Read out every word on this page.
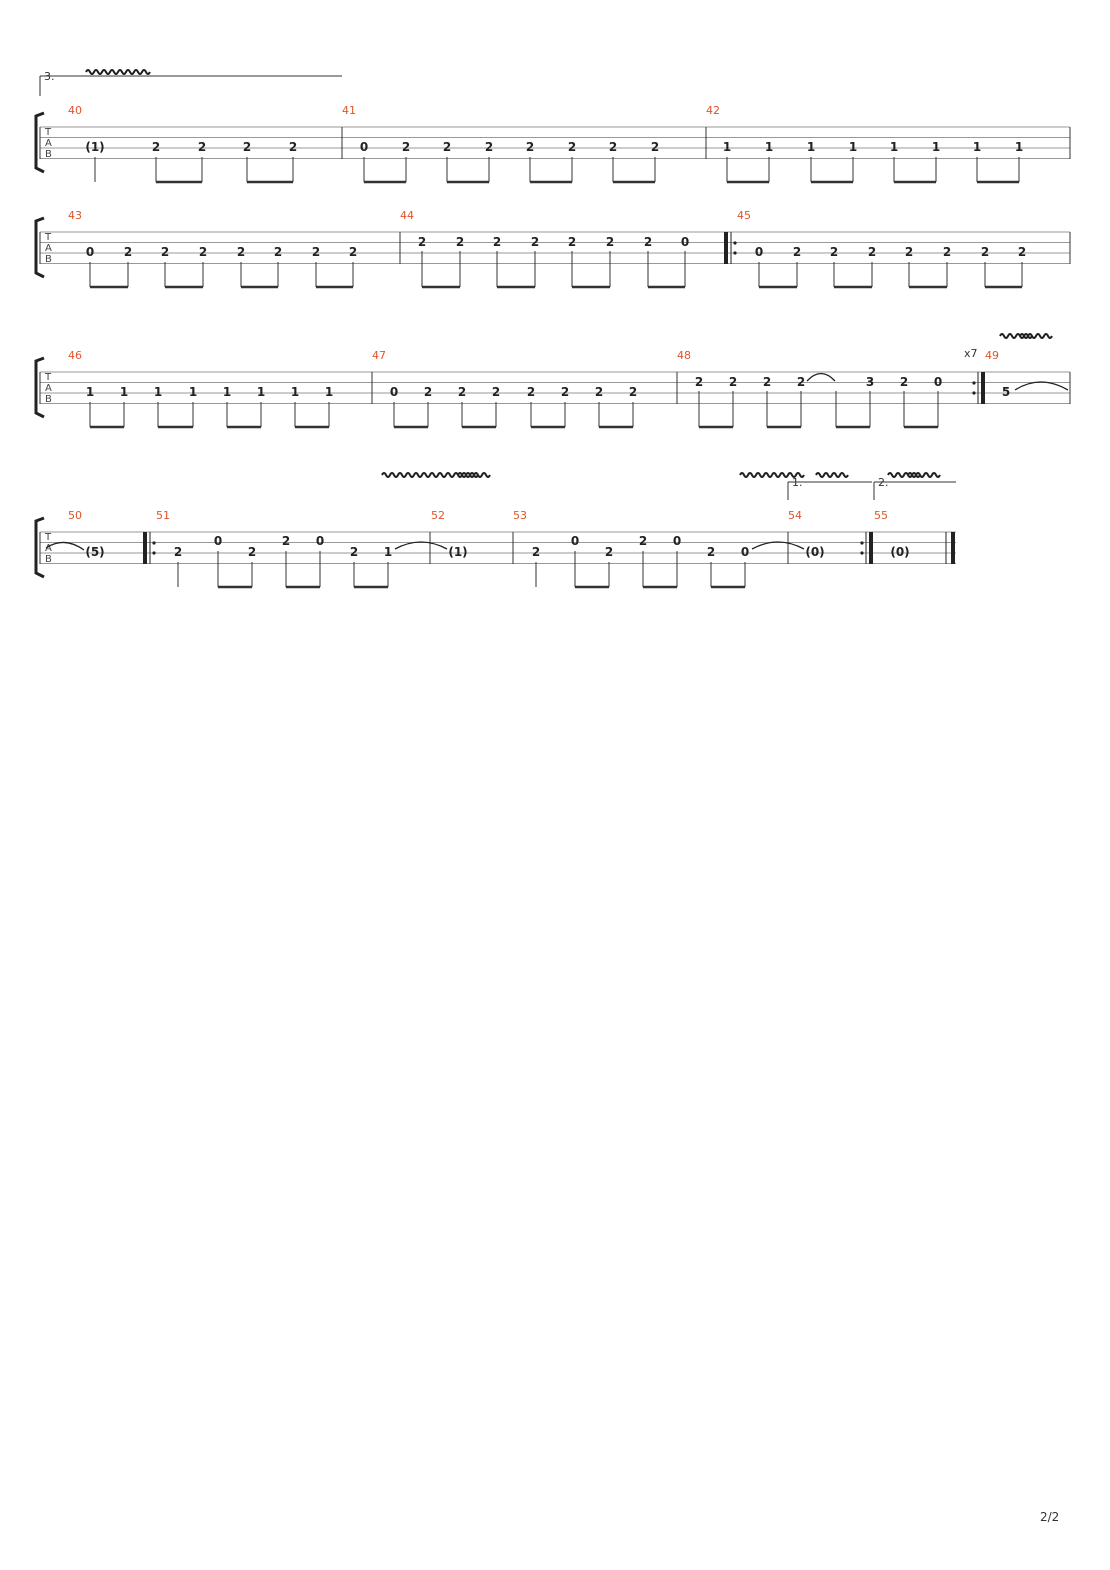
3.
T
A
B
40	41	42
(1)	2	2	2	2	0	2	2	2	2	2	2	2	1	1	1	1	1	1	1	1
T
A
B
43	44	45
0 2 2 2 2 2 2 2
2 2 2 2 2 2 2 0
0 2 2 2 2 2 2 2
T
A
B
x7
46	47	48	49
1 1 1 1 1 1 1 1	0 2 2 2 2 2 2 2
2 2 2 2	3 2 0
5
1.	2.
T
A
B
50	51	52	53	54	55
(5)	2
0
2
2 0
2 1	(1)	2
0
2
2 0
2 0	(0)	(0)
2/2
